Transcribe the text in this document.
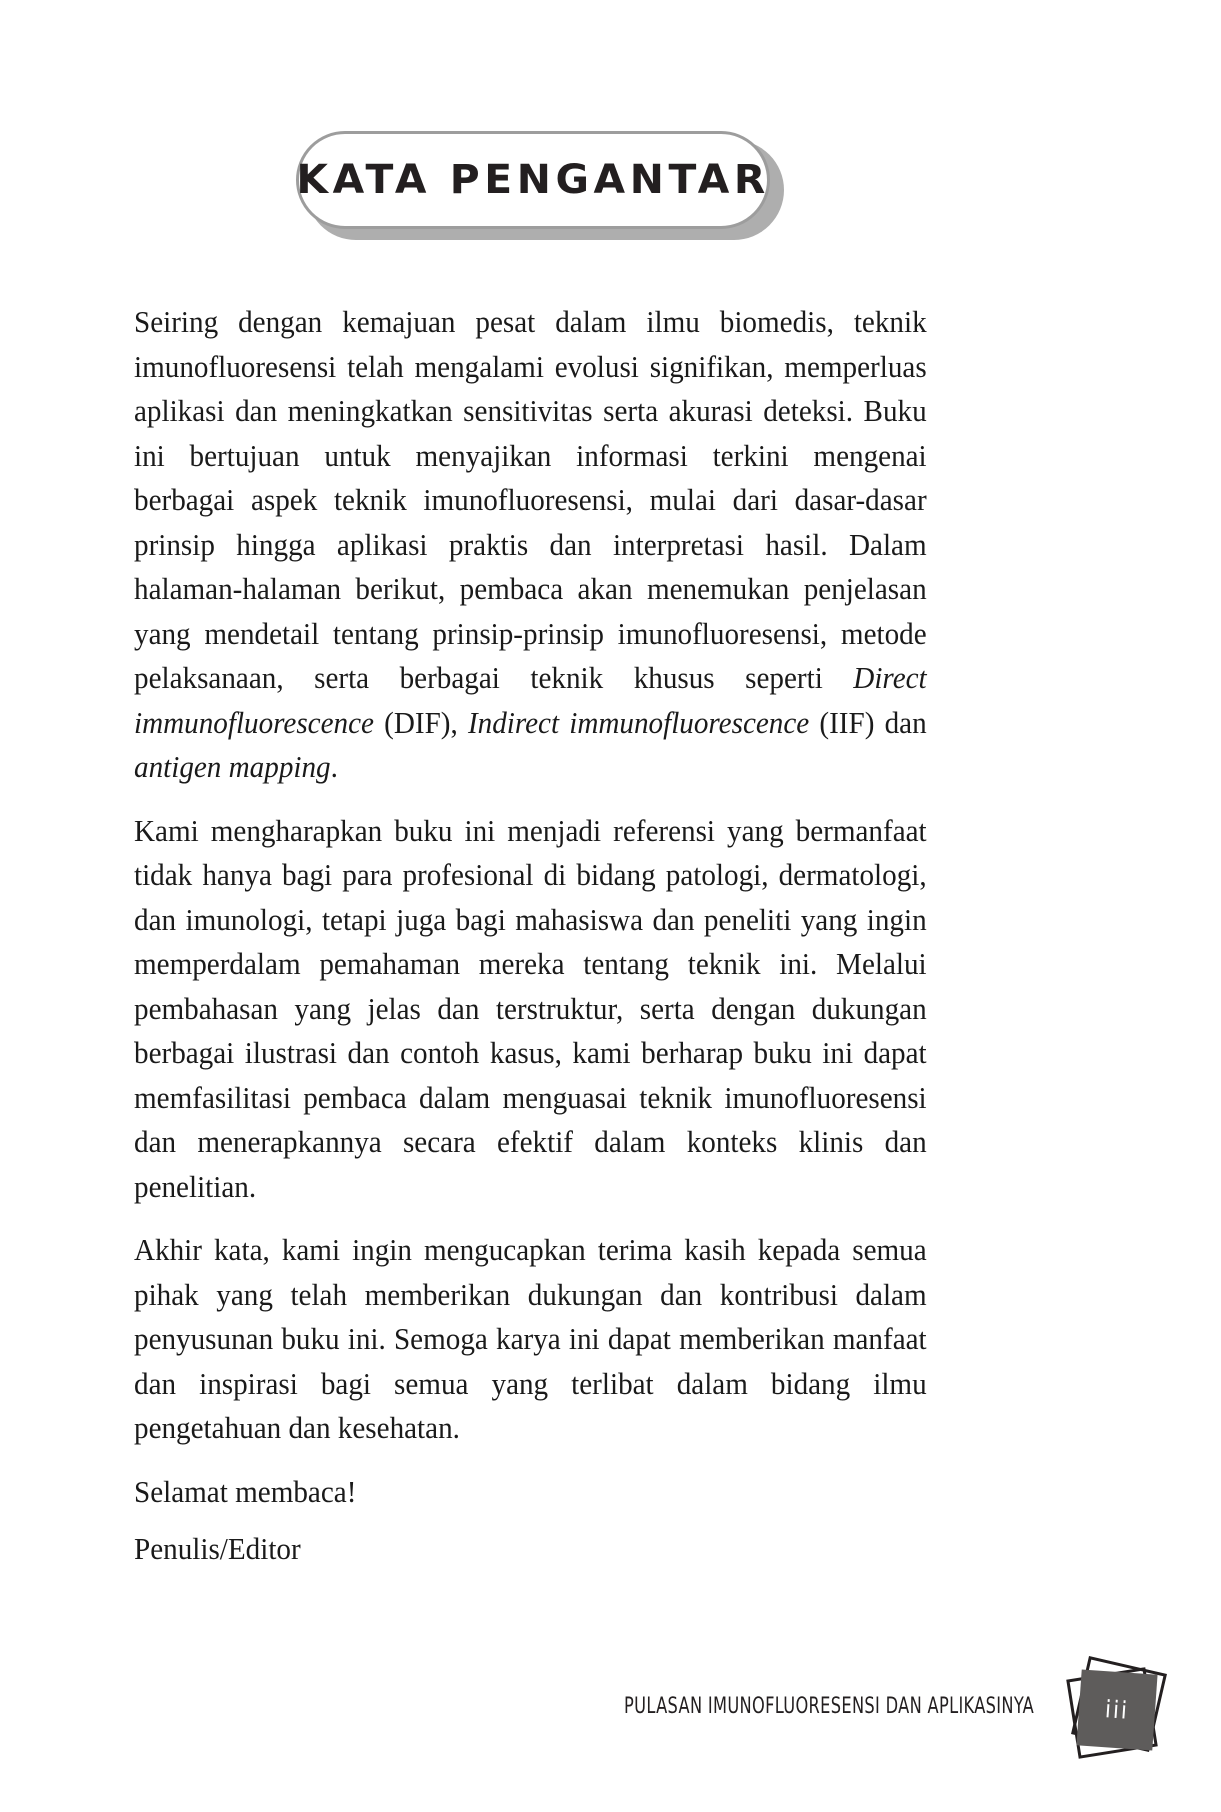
KATA PENGANTAR

Seiring dengan kemajuan pesat dalam ilmu biomedis, teknik imunofluoresensi telah mengalami evolusi signifikan, memperluas aplikasi dan meningkatkan sensitivitas serta akurasi deteksi. Buku ini bertujuan untuk menyajikan informasi terkini mengenai berbagai aspek teknik imunofluoresensi, mulai dari dasar-dasar prinsip hingga aplikasi praktis dan interpretasi hasil. Dalam halaman-halaman berikut, pembaca akan menemukan penjelasan yang mendetail tentang prinsip-prinsip imunofluoresensi, metode pelaksanaan, serta berbagai teknik khusus seperti Direct immunofluorescence (DIF), Indirect immunofluorescence (IIF) dan antigen mapping.

Kami mengharapkan buku ini menjadi referensi yang bermanfaat tidak hanya bagi para profesional di bidang patologi, dermatologi, dan imunologi, tetapi juga bagi mahasiswa dan peneliti yang ingin memperdalam pemahaman mereka tentang teknik ini. Melalui pembahasan yang jelas dan terstruktur, serta dengan dukungan berbagai ilustrasi dan contoh kasus, kami berharap buku ini dapat memfasilitasi pembaca dalam menguasai teknik imunofluoresensi dan menerapkannya secara efektif dalam konteks klinis dan penelitian.

Akhir kata, kami ingin mengucapkan terima kasih kepada semua pihak yang telah memberikan dukungan dan kontribusi dalam penyusunan buku ini. Semoga karya ini dapat memberikan manfaat dan inspirasi bagi semua yang terlibat dalam bidang ilmu pengetahuan dan kesehatan.

Selamat membaca!

Penulis/Editor
PULASAN IMUNOFLUORESENSI DAN APLIKASINYA	iii
